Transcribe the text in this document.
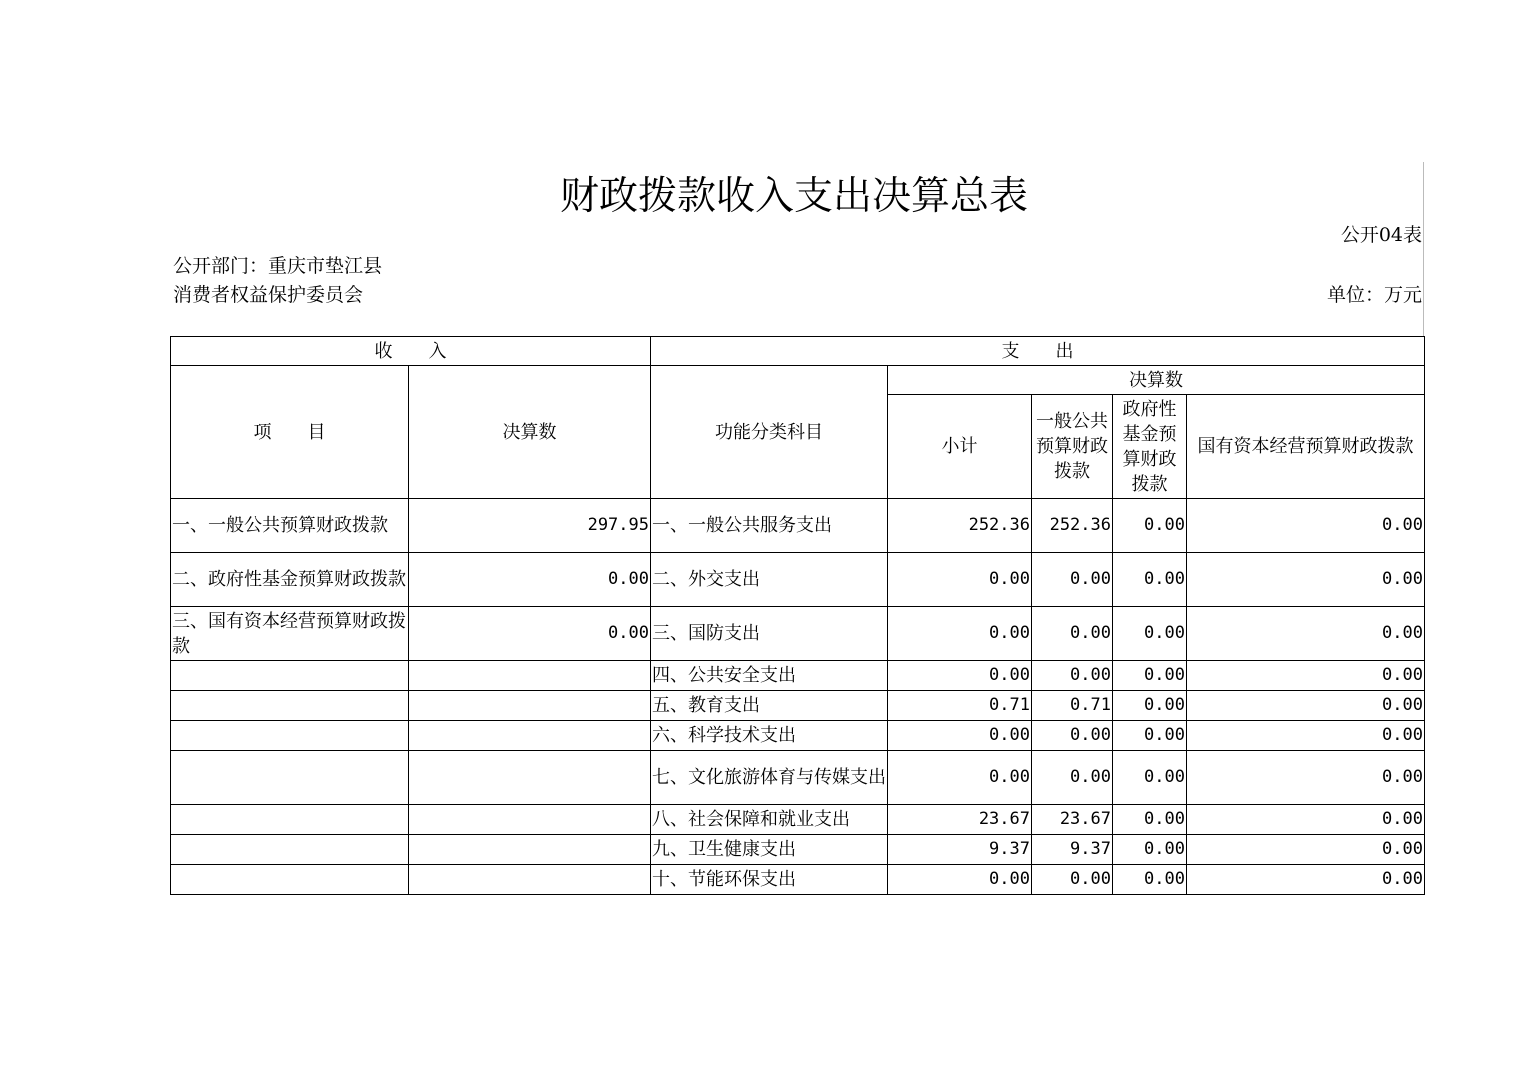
财政拨款收入支出决算总表
公开04表
公开部门：重庆市垫江县消费者权益保护委员会	单位：万元
收　　入		支　　出				
项　　目	决算数	功能分类科目	决算数			
			小计	一般公共预算财政拨款	政府性基金预算财政拨款	国有资本经营预算财政拨款
一、一般公共预算财政拨款	297.95	一、一般公共服务支出	252.36	252.36	0.00	0.00
二、政府性基金预算财政拨款	0.00	二、外交支出	0.00	0.00	0.00	0.00
三、国有资本经营预算财政拨款	0.00	三、国防支出	0.00	0.00	0.00	0.00
		四、公共安全支出	0.00	0.00	0.00	0.00
		五、教育支出	0.71	0.71	0.00	0.00
		六、科学技术支出	0.00	0.00	0.00	0.00
		七、文化旅游体育与传媒支出	0.00	0.00	0.00	0.00
		八、社会保障和就业支出	23.67	23.67	0.00	0.00
		九、卫生健康支出	9.37	9.37	0.00	0.00
		十、节能环保支出	0.00	0.00	0.00	0.00
